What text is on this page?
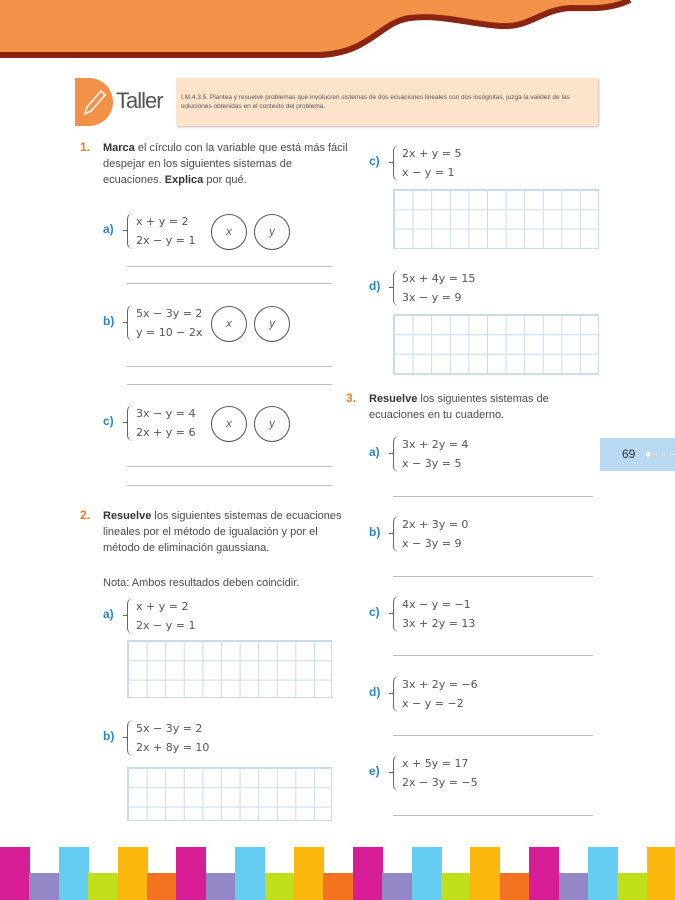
Taller	I.M.4.3.5. Plantea y resuelve problemas que involucren sistemas de dos ecuaciones lineales con dos incógnitas, juzga la validez de las soluciones obtenidas en el contexto del problema.
1. Marca el círculo con la variable que está más fácil despejar en los siguientes sistemas de ecuaciones. Explica por qué.
2. Resuelve los siguientes sistemas de ecuaciones lineales por el método de igualación y por el método de eliminación gaussiana.
Nota: Ambos resultados deben coincidir.
3. Resuelve los siguientes sistemas de ecuaciones en tu cuaderno.
69
a)
x + y = 2
2x − y = 1
x	y
b)
5x − 3y = 2
y = 10 − 2x
x	y
c)
3x − y = 4
2x + y = 6
x	y
a)
x + y = 2
2x − y = 1
b)
5x − 3y = 2
2x + 8y = 10
c)
2x + y = 5
x − y = 1
d)
5x + 4y = 15
3x − y = 9
a)
3x + 2y = 4
x − 3y = 5
b)
2x + 3y = 0
x − 3y = 9
c)
4x − y = −1
3x + 2y = 13
d)
3x + 2y = −6
x − y = −2
e)
x + 5y = 17
2x − 3y = −5
